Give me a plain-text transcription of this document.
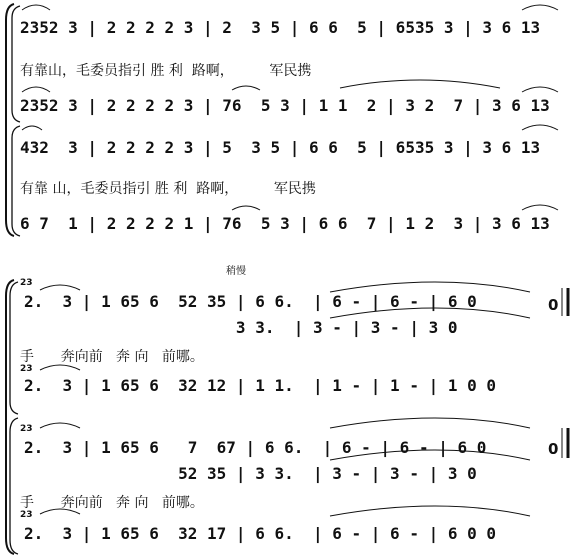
2352 3 | 2 2 2 2 3 | 2  3 5 | 6 6  5 | 6535 3 | 3 6 13
有靠山，毛委员指引 胜 利  路啊，        军民携
2352 3 | 2 2 2 2 3 | 76  5 3 | 1 1  2 | 3 2  7 | 3 6 13
432  3 | 2 2 2 2 3 | 5  3 5 | 6 6  5 | 6535 3 | 3 6 13
有靠 山，毛委员指引 胜 利  路啊，        军民携
6 7  1 | 2 2 2 2 1 | 76  5 3 | 6 6  7 | 1 2  3 | 3 6 13
稍慢
23
2.  3 | 1 65 6  52 35 | 6 6.  | 6 - | 6 - | 6 0
3 3.  | 3 - | 3 - | 3 0
0
手      奔向前   奔 向   前哪。
23
2.  3 | 1 65 6  32 12 | 1 1.  | 1 - | 1 - | 1 0 0
23
2.  3 | 1 65 6   7  67 | 6 6.  | 6 - | 6 - | 6 0
52 35 | 3 3.  | 3 - | 3 - | 3 0
0
手      奔向前   奔 向   前哪。
23
2.  3 | 1 65 6  32 17 | 6 6.  | 6 - | 6 - | 6 0 0
